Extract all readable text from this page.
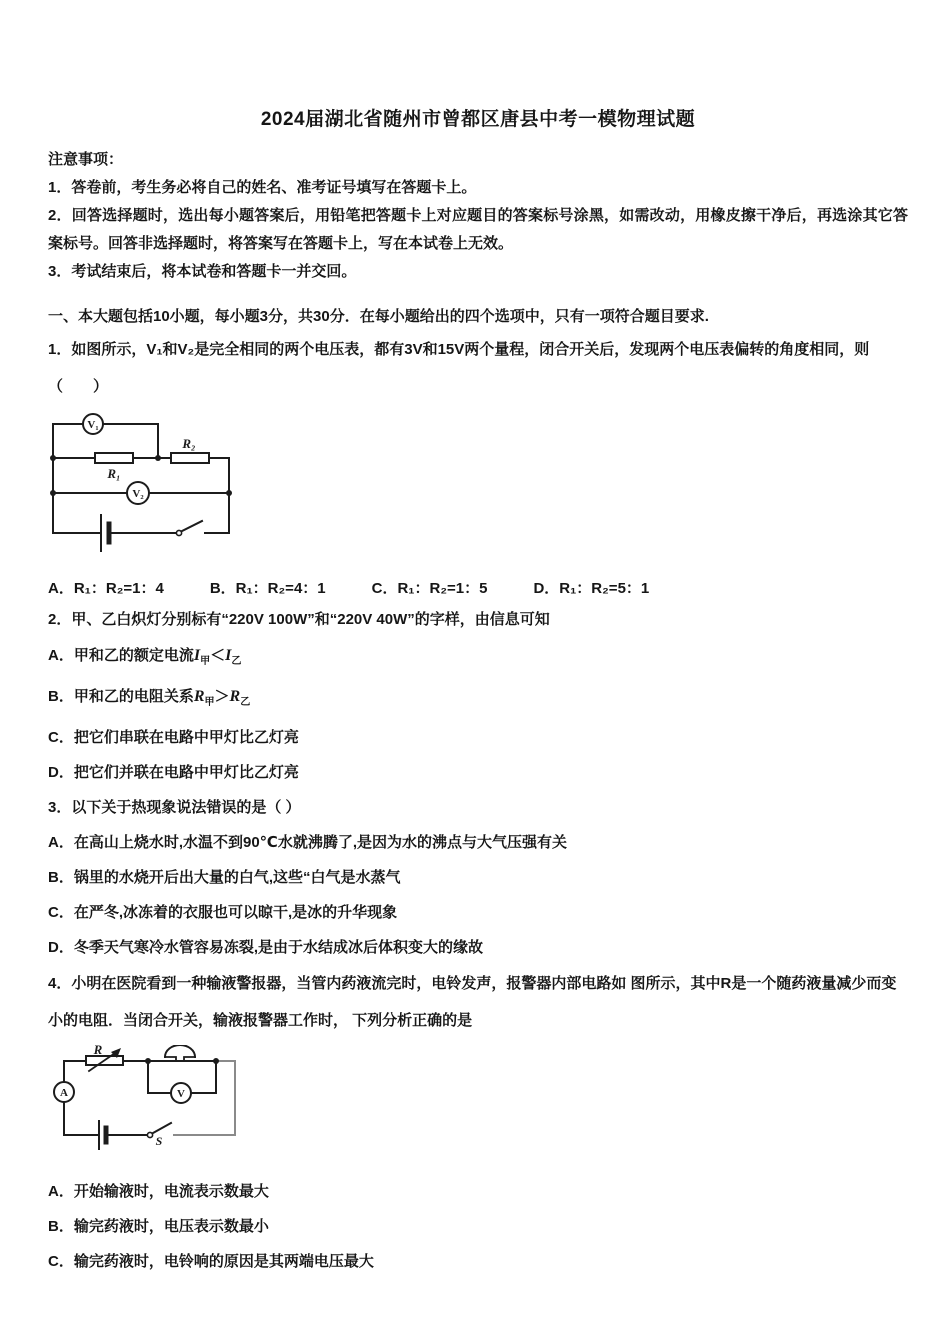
2024届湖北省随州市曾都区唐县中考一模物理试题

注意事项：

1．答卷前，考生务必将自己的姓名、准考证号填写在答题卡上。

2．回答选择题时，选出每小题答案后，用铅笔把答题卡上对应题目的答案标号涂黑，如需改动，用橡皮擦干净后，再选涂其它答案标号。回答非选择题时，将答案写在答题卡上，写在本试卷上无效。

3．考试结束后，将本试卷和答题卡一并交回。

一、本大题包括10小题，每小题3分，共30分．在每小题给出的四个选项中，只有一项符合题目要求.

1．如图所示，V₁和V₂是完全相同的两个电压表，都有3V和15V两个量程，闭合开关后，发现两个电压表偏转的角度相同，则（　　）

V₁
V₂
R₁
R₂
A．R₁：R₂=1：4	B．R₁：R₂=4：1	C．R₁：R₂=1：5	D．R₁：R₂=5：1

2．甲、乙白炽灯分别标有“220V 100W”和“220V 40W”的字样，由信息可知

A．甲和乙的额定电流$I_甲<I_乙$

B．甲和乙的电阻关系$R_甲>R_乙$

C．把它们串联在电路中甲灯比乙灯亮

D．把它们并联在电路中甲灯比乙灯亮

3．以下关于热现象说法错误的是（ ）

A．在高山上烧水时,水温不到90℃水就沸腾了,是因为水的沸点与大气压强有关

B．锅里的水烧开后出大量的白气,这些“白气是水蒸气

C．在严冬,冰冻着的衣服也可以晾干,是冰的升华现象

D．冬季天气寒冷水管容易冻裂,是由于水结成冰后体积变大的缘故

4．小明在医院看到一种输液警报器，当管内药液流完时，电铃发声，报警器内部电路如 图所示，其中R是一个随药液量减少而变小的电阻．当闭合开关，输液报警器工作时， 下列分析正确的是

R
A	V
S

A．开始输液时，电流表示数最大

B．输完药液时，电压表示数最小

C．输完药液时，电铃响的原因是其两端电压最大
